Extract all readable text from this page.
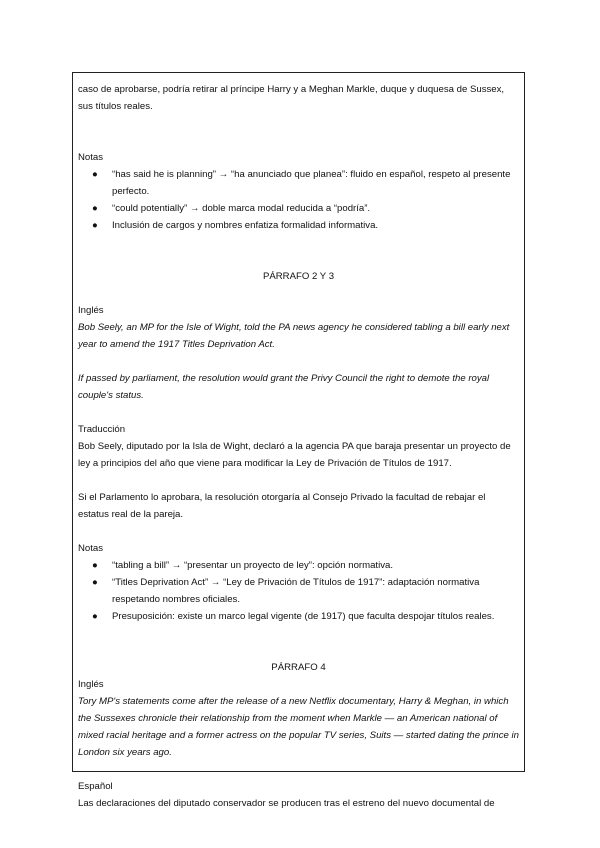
caso de aprobarse, podría retirar al príncipe Harry y a Meghan Markle, duque y duquesa de Sussex, sus títulos reales.

Notas

● “has said he is planning” → “ha anunciado que planea”: fluido en español, respeto al presente perfecto.
● “could potentially” → doble marca modal reducida a “podría”.
● Inclusión de cargos y nombres enfatiza formalidad informativa.

PÁRRAFO 2 Y 3

Inglés

Bob Seely, an MP for the Isle of Wight, told the PA news agency he considered tabling a bill early next year to amend the 1917 Titles Deprivation Act.

If passed by parliament, the resolution would grant the Privy Council the right to demote the royal couple's status.

Traducción

Bob Seely, diputado por la Isla de Wight, declaró a la agencia PA que baraja presentar un proyecto de ley a principios del año que viene para modificar la Ley de Privación de Títulos de 1917.

Si el Parlamento lo aprobara, la resolución otorgaría al Consejo Privado la facultad de rebajar el estatus real de la pareja.

Notas

● “tabling a bill” → “presentar un proyecto de ley”: opción normativa.
● “Titles Deprivation Act” → “Ley de Privación de Títulos de 1917”: adaptación normativa respetando nombres oficiales.
● Presuposición: existe un marco legal vigente (de 1917) que faculta despojar títulos reales.

PÁRRAFO 4

Inglés

Tory MP's statements come after the release of a new Netflix documentary, Harry & Meghan, in which the Sussexes chronicle their relationship from the moment when Markle — an American national of mixed racial heritage and a former actress on the popular TV series, Suits — started dating the prince in London six years ago.

Español

Las declaraciones del diputado conservador se producen tras el estreno del nuevo documental de
